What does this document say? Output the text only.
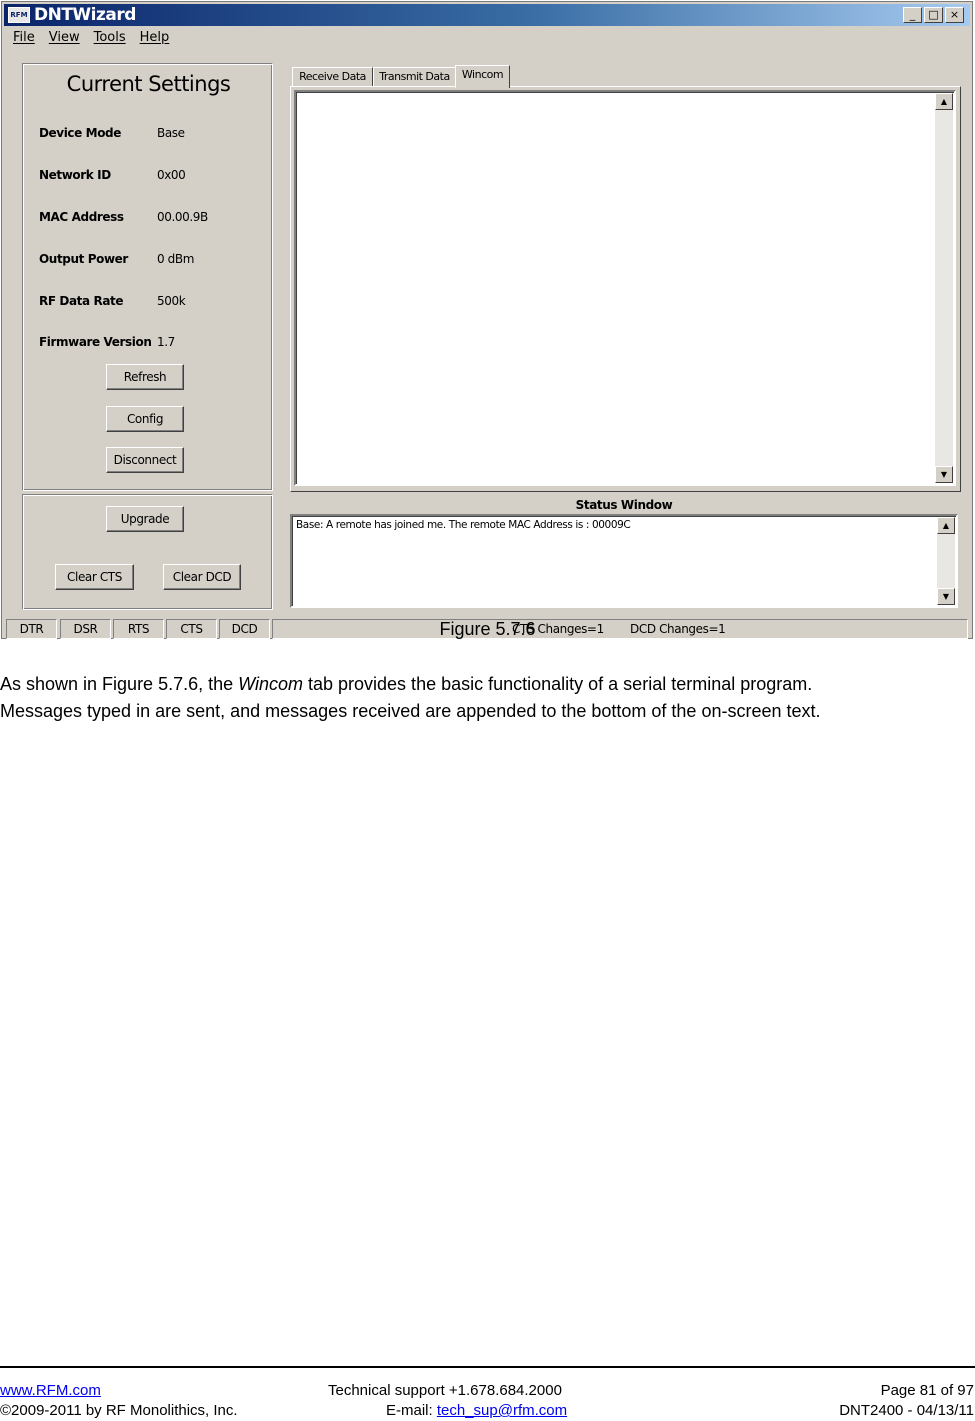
RFM DNTWizard	_	□	×
File	View	Tools	Help
Current Settings
Device Mode	Base
Network ID	0x00
MAC Address	00.00.9B
Output Power 0 dBm
RF Data Rate	500k
Firmware Version 1.7
Refresh
Config
Disconnect
Upgrade
Clear CTS	Clear DCD
Receive Data	Transmit Data	Wincom
▲
▼
Status Window
Base: A remote has joined me. The remote MAC Address is : 00009C	▲
▼
DTR	DSR	RTS	CTS	DCD	CTS Changes=1 DCD Changes=1
Figure 5.7.6
As shown in Figure 5.7.6, the Wincom tab provides the basic functionality of a serial terminal program.
Messages typed in are sent, and messages received are appended to the bottom of the on-screen text.
www.RFM.com
©2009-2011 by RF Monolithics, Inc.
Technical support +1.678.684.2000
E-mail: tech_sup@rfm.com
Page 81 of 97
DNT2400 - 04/13/11
